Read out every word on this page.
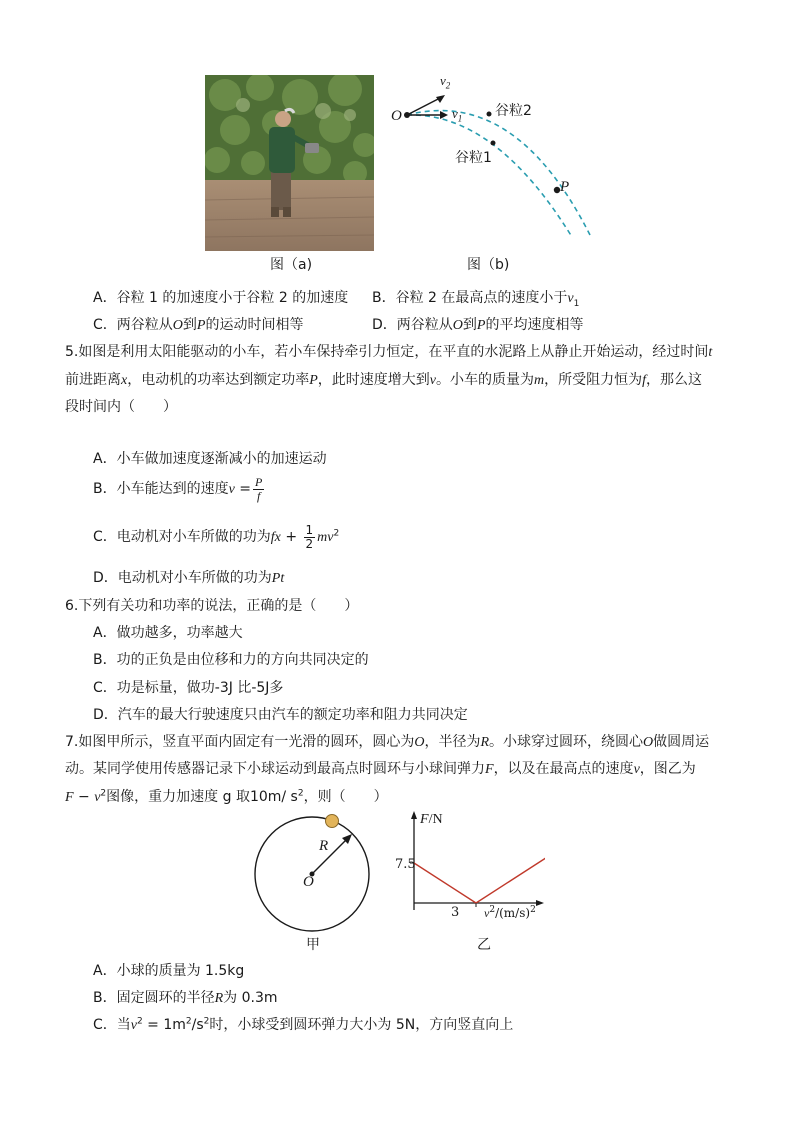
图（a)
O
$v_2$
$v_1$ 谷粒2
谷粒1
P
图（b)
A．谷粒 1 的加速度小于谷粒 2 的加速度 B．谷粒 2 在最高点的速度小于$v_1$
C．两谷粒从O到P的运动时间相等	D．两谷粒从O到P的平均速度相等
5.如图是利用太阳能驱动的小车，若小车保持牵引力恒定，在平直的水泥路上从静止开始运动，经过时间t
前进距离x，电动机的功率达到额定功率P，此时速度增大到v。小车的质量为m，所受阻力恒为f，那么这
段时间内（　　）
A．小车做加速度逐渐减小的加速运动
B．小车能达到的速度$v = \frac{P}{f}$
C．电动机对小车所做的功为fx + $\frac{1}{2} mv^2$
D．电动机对小车所做的功为Pt
6.下列有关功和功率的说法，正确的是（　　）
A．做功越多，功率越大
B．功的正负是由位移和力的方向共同决定的
C．功是标量，做功-3J 比-5J多
D．汽车的最大行驶速度只由汽车的额定功率和阻力共同决定
7.如图甲所示，竖直平面内固定有一光滑的圆环，圆心为O，半径为R。小球穿过圆环，绕圆心O做圆周运
动。某同学使用传感器记录下小球运动到最高点时圆环与小球间弹力F，以及在最高点的速度v，图乙为
$F - v^2$图像，重力加速度 g 取10m/ $s^2$，则（　　）
R
O
甲
F/N
7.5
3 $v^2/(m/s)^2$
乙
A．小球的质量为 1.5kg
B．固定圆环的半径R为 0.3m
C．当$v^2 = 1m^2/s^2$时，小球受到圆环弹力大小为 5N，方向竖直向上
